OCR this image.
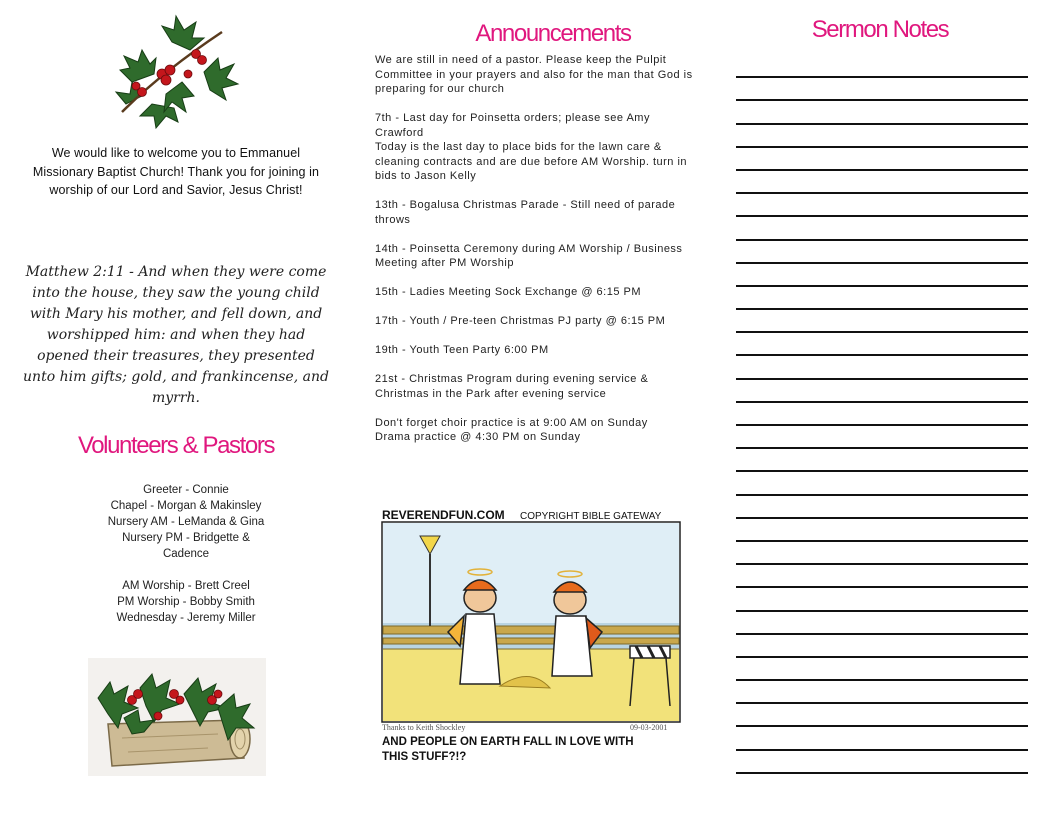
We would like to welcome you to Emmanuel Missionary Baptist Church! Thank you for joining in worship of our Lord and Savior, Jesus Christ!
Matthew 2:11 - And when they were come into the house, they saw the young child with Mary his mother, and fell down, and worshipped him: and when they had opened their treasures, they presented unto him gifts; gold, and frankincense, and myrrh.
Volunteers & Pastors
Greeter - Connie
Chapel - Morgan & Makinsley
Nursery AM - LeManda & Gina
Nursery PM - Bridgette &
Cadence
AM Worship - Brett Creel
PM Worship - Bobby Smith
Wednesday - Jeremy Miller
Announcements

We are still in need of a pastor. Please keep the Pulpit Committee in your prayers and also for the man that God is preparing for our church

7th - Last day for Poinsetta orders; please see Amy Crawford

Today is the last day to place bids for the lawn care & cleaning contracts and are due before AM Worship. turn in bids to Jason Kelly

13th - Bogalusa Christmas Parade - Still need of parade throws

14th - Poinsetta Ceremony during AM Worship / Business Meeting after PM Worship

15th - Ladies Meeting Sock Exchange @ 6:15 PM

17th - Youth / Pre-teen Christmas PJ party @ 6:15 PM

19th - Youth Teen Party 6:00 PM

21st - Christmas Program during evening service & Christmas in the Park after evening service

Don't forget choir practice is at 9:00 AM on Sunday

Drama practice @ 4:30 PM on Sunday

REVERENDFUN.COM COPYRIGHT BIBLE GATEWAY
Thanks to Keith Shockley	09-03-2001
AND PEOPLE ON EARTH FALL IN LOVE WITH
THIS STUFF?!?
Sermon Notes
